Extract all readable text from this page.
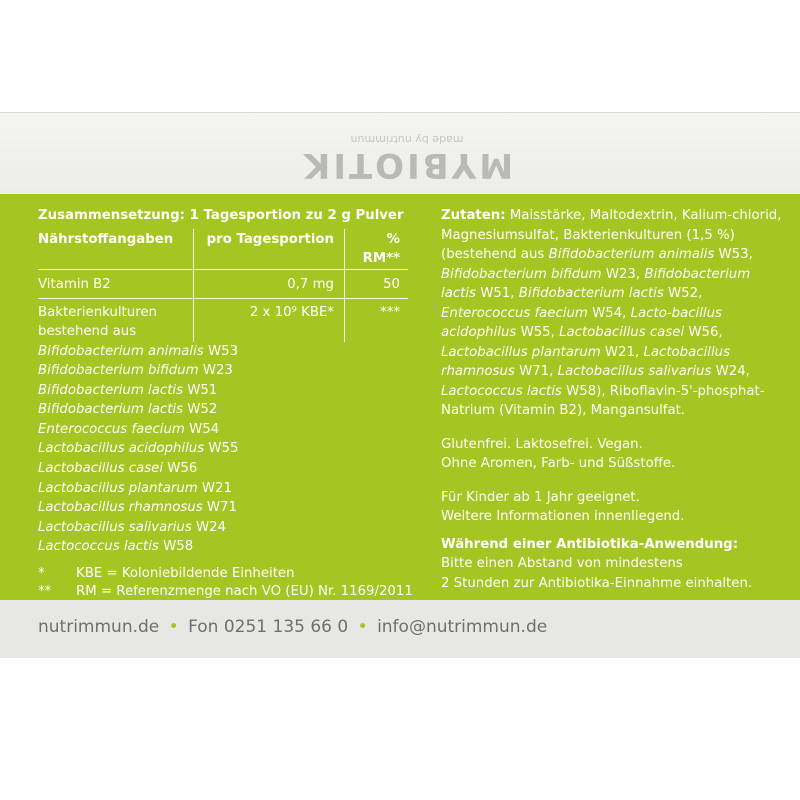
MYBIOTIK
made by nutrimmun
Zusammensetzung: 1 Tagesportion zu 2 g Pulver
Nährstoffangaben	pro Tagesportion	% RM**
Vitamin B2	0,7 mg	50
Bakterienkulturen
bestehend aus	2 x 10⁹ KBE*	***
Bifidobacterium animalis W53
Bifidobacterium bifidum W23
Bifidobacterium lactis W51
Bifidobacterium lactis W52
Enterococcus faecium W54
Lactobacillus acidophilus W55
Lactobacillus casei W56
Lactobacillus plantarum W21
Lactobacillus rhamnosus W71
Lactobacillus salivarius W24
Lactococcus lactis W58
* KBE = Koloniebildende Einheiten
** RM = Referenzmenge nach VO (EU) Nr. 1169/2011

Zutaten: Maisstärke, Maltodextrin, Kalium-chlorid, Magnesiumsulfat, Bakterienkulturen (1,5 %) (bestehend aus Bifidobacterium animalis W53, Bifidobacterium bifidum W23, Bifidobacterium lactis W51, Bifidobacterium lactis W52, Enterococcus faecium W54, Lacto-bacillus acidophilus W55, Lactobacillus casei W56, Lactobacillus plantarum W21, Lactobacillus rhamnosus W71, Lactobacillus salivarius W24, Lactococcus lactis W58), Riboflavin-5'-phosphat-Natrium (Vitamin B2), Mangansulfat.

Glutenfrei. Laktosefrei. Vegan.
Ohne Aromen, Farb- und Süßstoffe.
Für Kinder ab 1 Jahr geeignet.
Weitere Informationen innenliegend.
Während einer Antibiotika-Anwendung:
Bitte einen Abstand von mindestens
2 Stunden zur Antibiotika-Einnahme einhalten.
nutrimmun.de • Fon 0251 135 66 0 • info@nutrimmun.de
